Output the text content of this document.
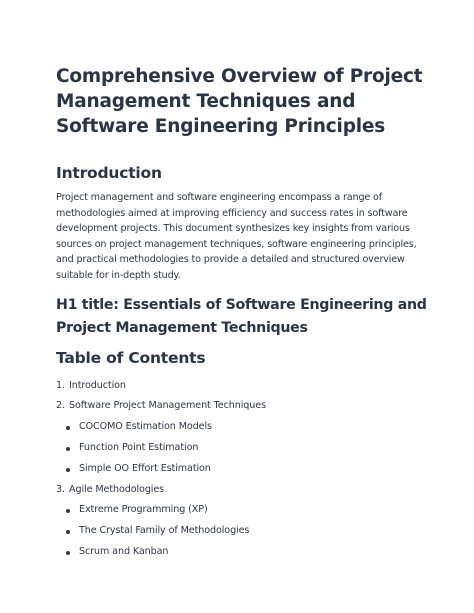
Comprehensive Overview of Project Management Techniques and Software Engineering Principles
Introduction

Project management and software engineering encompass a range of methodologies aimed at improving efficiency and success rates in software development projects. This document synthesizes key insights from various sources on project management techniques, software engineering principles, and practical methodologies to provide a detailed and structured overview suitable for in-depth study.

H1 title: Essentials of Software Engineering and Project Management Techniques
Table of Contents
1. Introduction
2. Software Project Management Techniques
COCOMO Estimation Models
Function Point Estimation
Simple OO Effort Estimation
3. Agile Methodologies
Extreme Programming (XP)
The Crystal Family of Methodologies
Scrum and Kanban
